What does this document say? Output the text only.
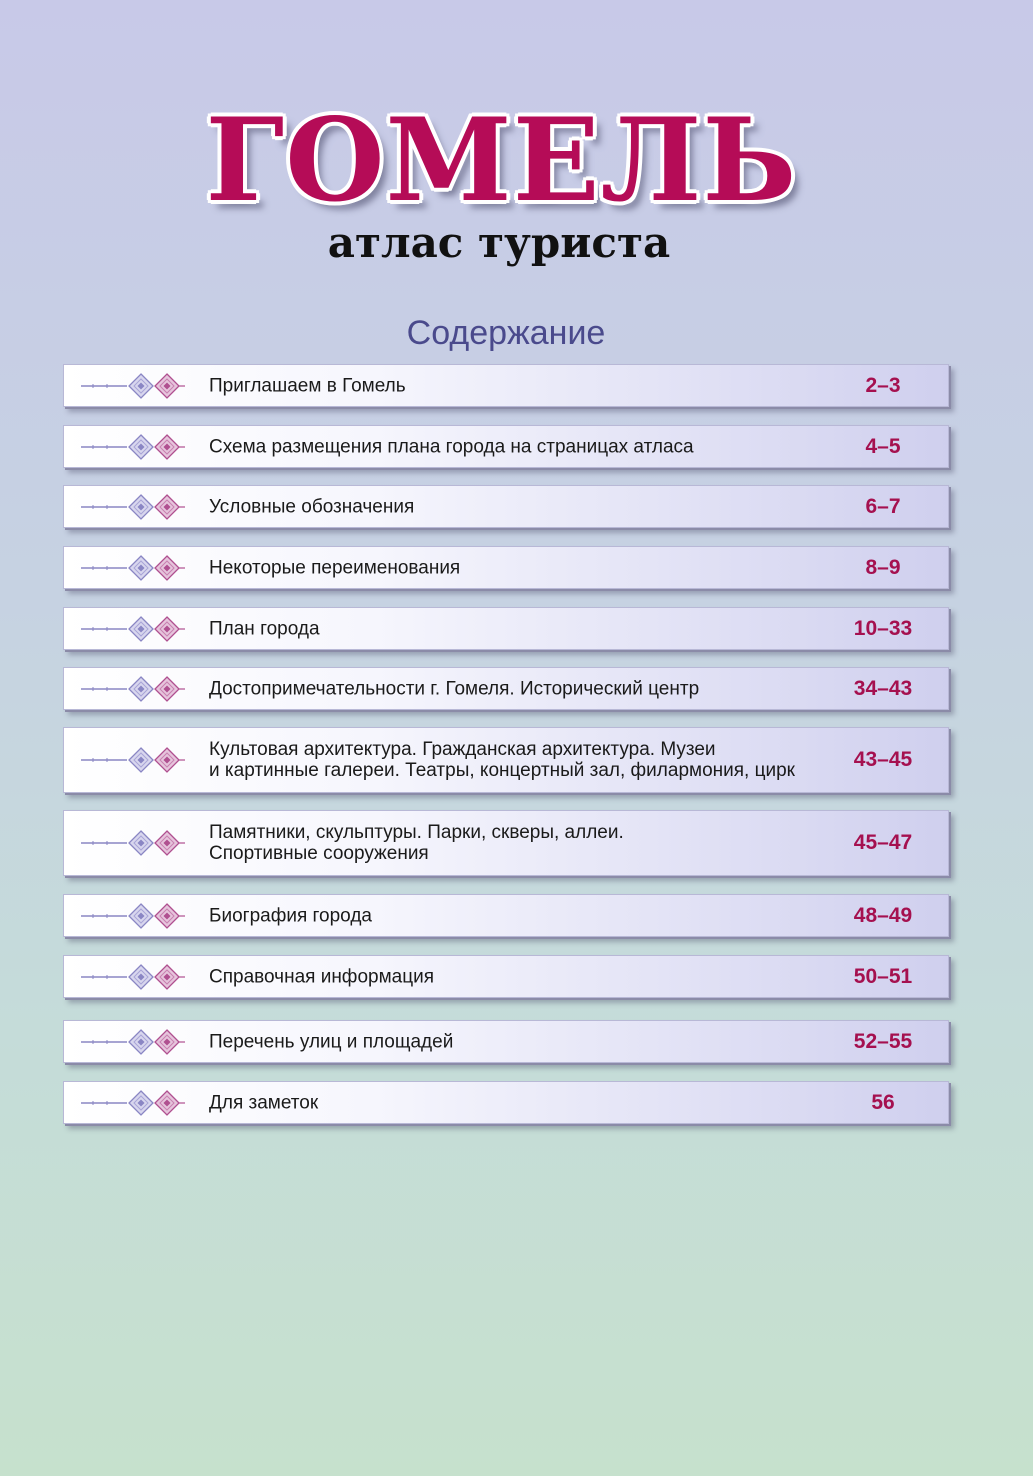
ГОМЕЛЬ
атлас туриста
Содержание
Приглашаем в Гомель	2–3
Схема размещения плана города на страницах атласа	4–5
Условные обозначения	6–7
Некоторые переименования	8–9
План города	10–33
Достопримечательности г. Гомеля. Исторический центр	34–43
Культовая архитектура. Гражданская архитектура. Музеи
и картинные галереи. Театры, концертный зал, филармония, цирк	43–45
Памятники, скульптуры. Парки, скверы, аллеи.
Спортивные сооружения	45–47
Биография города	48–49
Справочная информация	50–51
Перечень улиц и площадей	52–55
Для заметок	56
